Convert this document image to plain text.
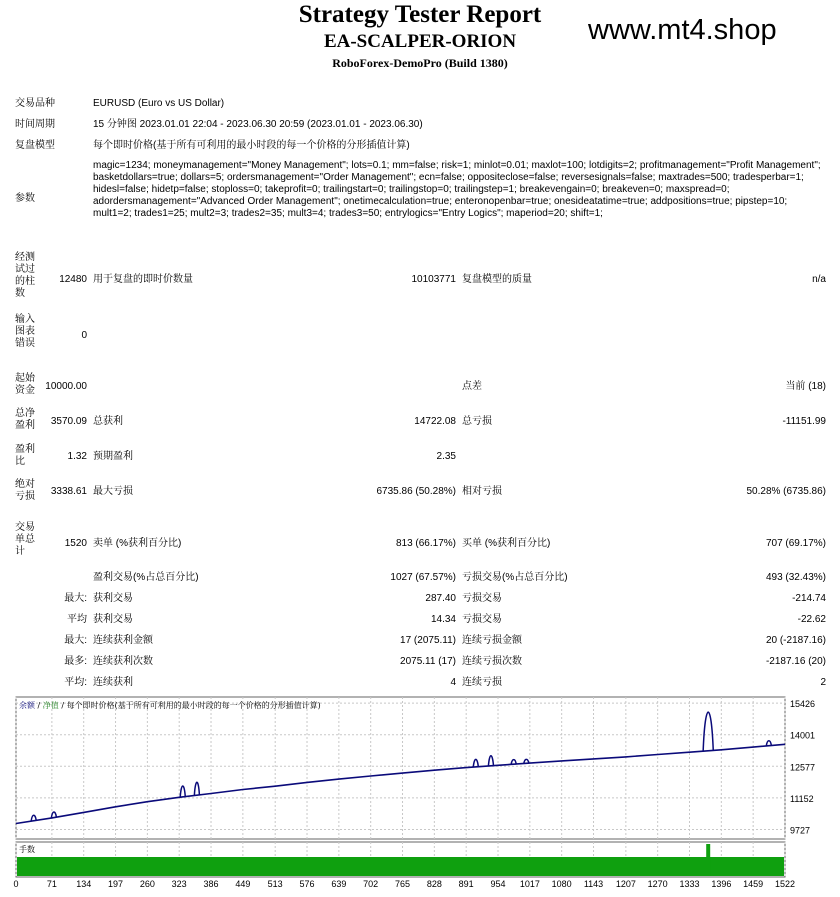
Strategy Tester Report
EA-SCALPER-ORION
RoboForex-DemoPro (Build 1380)
www.mt4.shop
交易品种	EURUSD (Euro vs US Dollar)
时间周期	15 分钟图 2023.01.01 22:04 - 2023.06.30 20:59 (2023.01.01 - 2023.06.30)
复盘模型	每个即时价格(基于所有可利用的最小时段的每一个价格的分形插值计算)
参数
magic=1234; moneymanagement="Money Management"; lots=0.1; mm=false; risk=1; minlot=0.01; maxlot=100; lotdigits=2; profitmanagement="Profit Management"; basketdollars=true; dollars=5; ordersmanagement="Order Management"; ecn=false; oppositeclose=false; reversesignals=false; maxtrades=500; tradesperbar=1; hidesl=false; hidetp=false; stoploss=0; takeprofit=0; trailingstart=0; trailingstop=0; trailingstep=1; breakevengain=0; breakeven=0; maxspread=0; adordersmanagement="Advanced Order Management"; onetimecalculation=true; enteronopenbar=true; onesideatatime=true; addpositions=true; pipstep=10; mult1=2; trades1=25; mult2=3; trades2=35; mult3=4; trades3=50; entrylogics="Entry Logics"; maperiod=20; shift=1;
经测试过的柱数
12480 用于复盘的即时价数量	10103771 复盘模型的质量	n/a
输入图表错误
0
起始资金	10000.00	点差	当前 (18)
总净盈利	3570.09 总获利	14722.08 总亏损	-11151.99
盈利比	1.32 预期盈利	2.35
绝对亏损	3338.61 最大亏损	6735.86 (50.28%) 相对亏损	50.28% (6735.86)
交易单总计
1520 卖单 (%获利百分比)	813 (66.17%) 买单 (%获利百分比)	707 (69.17%)
盈利交易(%占总百分比)	1027 (67.57%) 亏损交易(%占总百分比)	493 (32.43%)
最大: 获利交易	287.40 亏损交易	-214.74
平均 获利交易	14.34 亏损交易	-22.62
最大: 连续获利金额	17 (2075.11) 连续亏损金额	20 (-2187.16)
最多: 连续获利次数	2075.11 (17) 连续亏损次数	-2187.16 (20)
平均: 连续获利	4 连续亏损	2
15426
14001
12577
11152
9727
0	71 134 197 260 323 386 449 513 576 639 702 765 828 891 954 1017 1080 1143 1207 1270 1333 1396 1459 1522
余额 / 净值 / 每个即时价格(基于所有可利用的最小时段的每一个价格的分形插值计算)
手数
